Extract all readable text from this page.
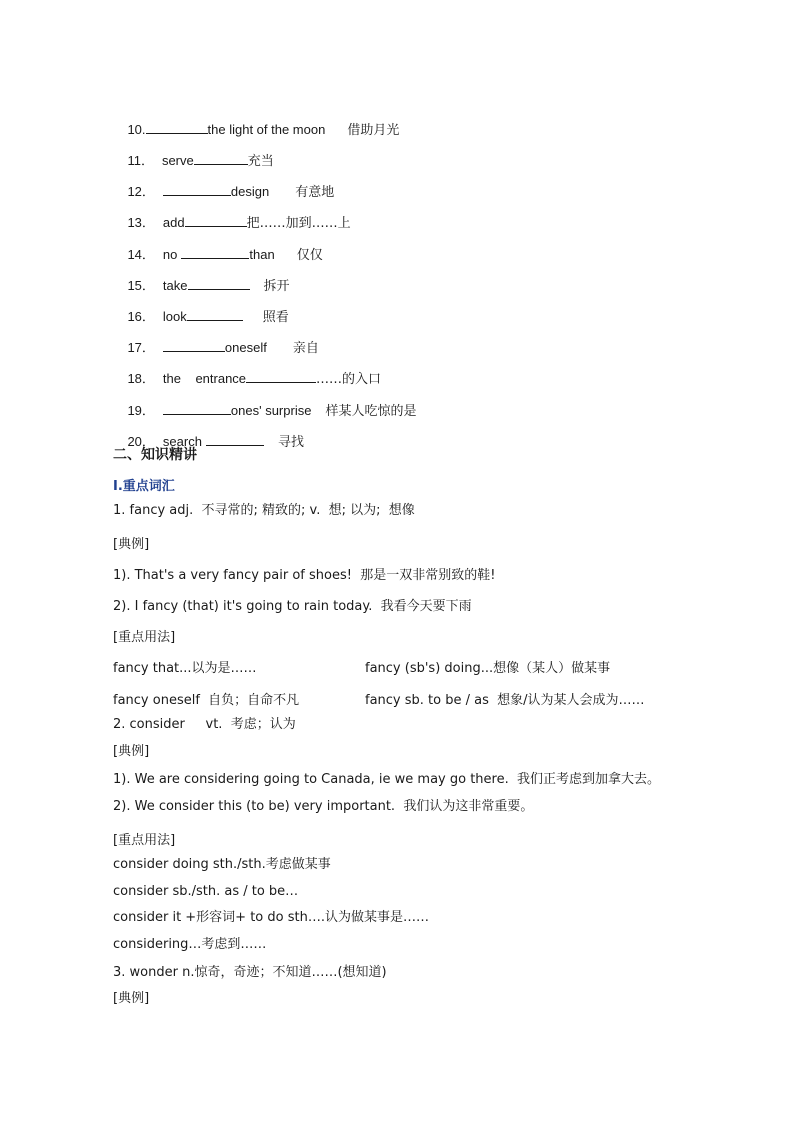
10.	the light of the moon 借助月光

11． serve	充当

12．	design 有意地

13． add	把……加到……上

14． no	than 仅仅

15． take	拆开

16． look	照看

17．	oneself 亲自

18． the    entrance	……的入口

19．	ones' surprise 样某人吃惊的是

20． search	寻找

二、知识精讲
I.重点词汇
1. fancy adj.  不寻常的; 精致的; v.  想; 以为;  想像
[典例]
1). That's a very fancy pair of shoes!  那是一双非常别致的鞋!
2). I fancy (that) it's going to rain today.  我看今天要下雨
[重点用法]
fancy that...以为是……	fancy (sb's) doing...想像（某人）做某事
fancy oneself  自负；自命不凡	fancy sb. to be / as  想象/认为某人会成为……
2. consider     vt.  考虑；认为
[典例]
1). We are considering going to Canada, ie we may go there.  我们正考虑到加拿大去。
2). We consider this (to be) very important.  我们认为这非常重要。
[重点用法]
consider doing sth./sth.考虑做某事
consider sb./sth. as / to be…
consider it +形容词+ to do sth….认为做某事是……
considering…考虑到……
3. wonder n.惊奇，奇迹；不知道……(想知道)
[典例]
